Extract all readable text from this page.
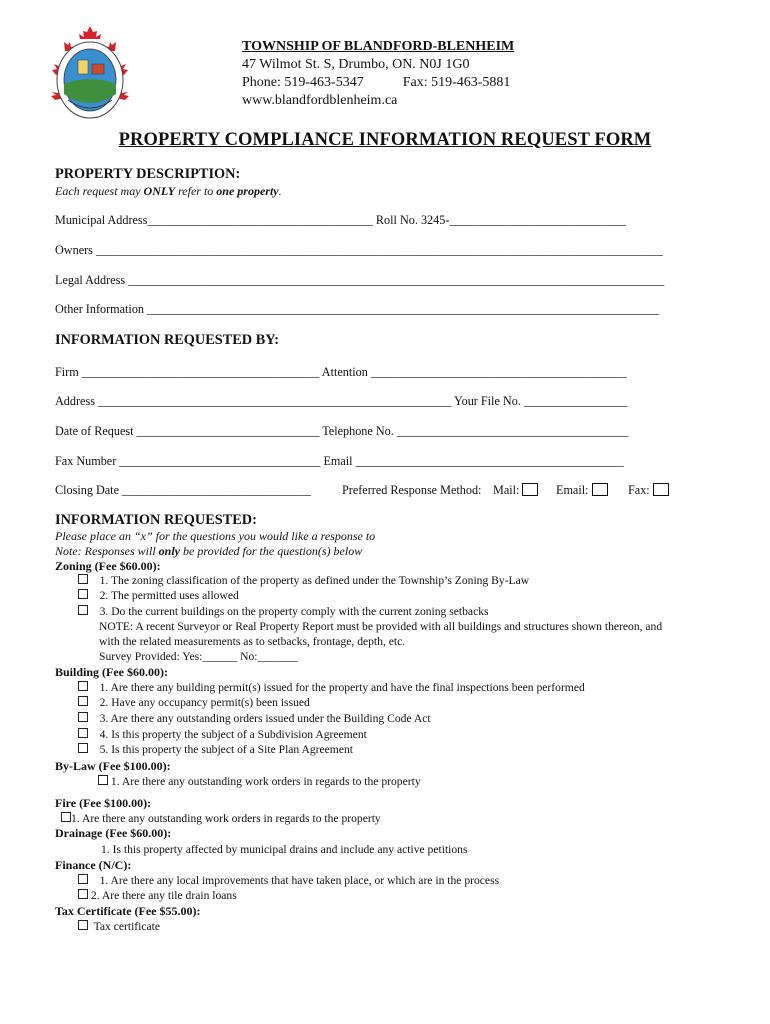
TOWNSHIP OF BLANDFORD-BLENHEIM
47 Wilmot St. S, Drumbo, ON. N0J 1G0
Phone: 519-463-5347	Fax: 519-463-5881
www.blandfordblenheim.ca
PROPERTY COMPLIANCE INFORMATION REQUEST FORM
PROPERTY DESCRIPTION:
Each request may ONLY refer to one property.
Municipal Address_____________________________________ Roll No. 3245-_____________________________
Owners _____________________________________________________________________________________________
Legal Address ________________________________________________________________________________________
Other Information ____________________________________________________________________________________
INFORMATION REQUESTED BY:
Firm _______________________________________ Attention __________________________________________
Address __________________________________________________________ Your File No. _________________
Date of Request ______________________________ Telephone No. ______________________________________
Fax Number _________________________________ Email ____________________________________________
Closing Date _______________________________	Preferred Response Method: Mail:	Email:	Fax:
INFORMATION REQUESTED:
Please place an “x” for the questions you would like a response to
Note: Responses will only be provided for the question(s) below
Zoning (Fee $60.00):
1. The zoning classification of the property as defined under the Township’s Zoning By-Law
2. The permitted uses allowed
3. Do the current buildings on the property comply with the current zoning setbacks
NOTE: A recent Surveyor or Real Property Report must be provided with all buildings and structures shown thereon, and
with the related measurements as to setbacks, frontage, depth, etc.
Survey Provided: Yes:______ No:_______
Building (Fee $60.00):
1. Are there any building permit(s) issued for the property and have the final inspections been performed
2. Have any occupancy permit(s) been issued
3. Are there any outstanding orders issued under the Building Code Act
4. Is this property the subject of a Subdivision Agreement
5. Is this property the subject of a Site Plan Agreement
By-Law (Fee $100.00):
1. Are there any outstanding work orders in regards to the property
Fire (Fee $100.00):
1. Are there any outstanding work orders in regards to the property
Drainage (Fee $60.00):
1. Is this property affected by municipal drains and include any active petitions
Finance (N/C):
1. Are there any local improvements that have taken place, or which are in the process
2. Are there any tile drain loans
Tax Certificate (Fee $55.00):
Tax certificate
